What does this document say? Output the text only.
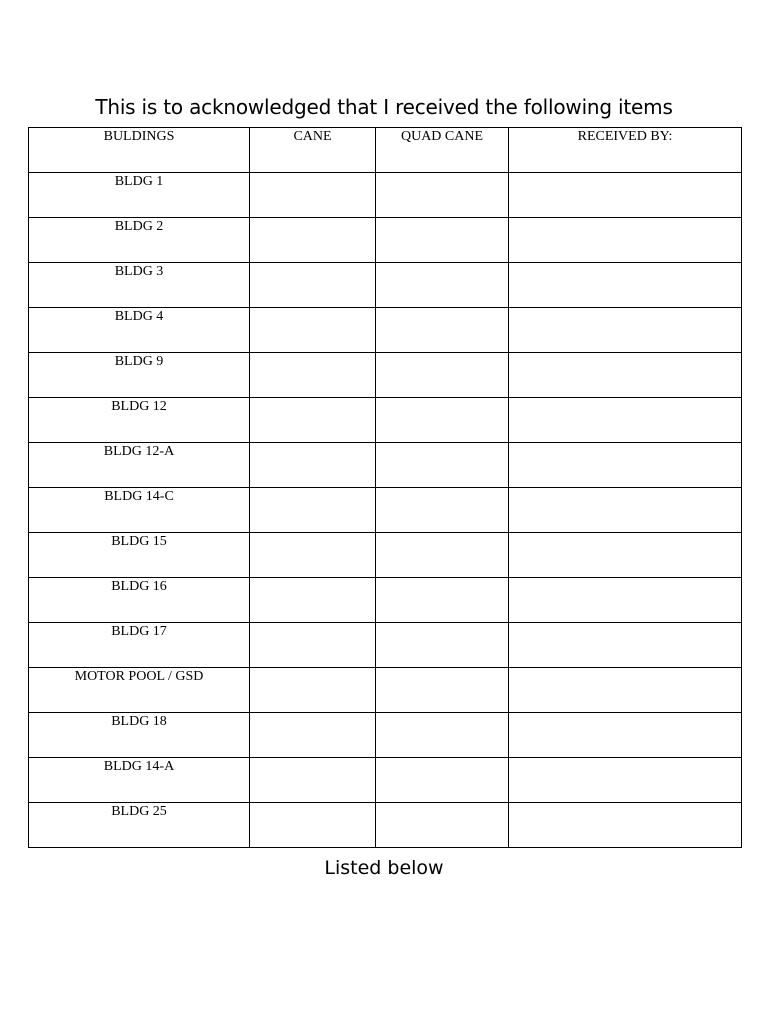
This is to acknowledged that I received the following items
BULDINGS	CANE	QUAD CANE	RECEIVED BY:

BLDG 1			

BLDG 2			

BLDG 3			

BLDG 4			

BLDG 9			

BLDG 12			

BLDG 12-A			

BLDG 14-C			

BLDG 15			

BLDG 16			

BLDG 17			

MOTOR POOL / GSD			

BLDG 18			

BLDG 14-A			

BLDG 25			

Listed below
